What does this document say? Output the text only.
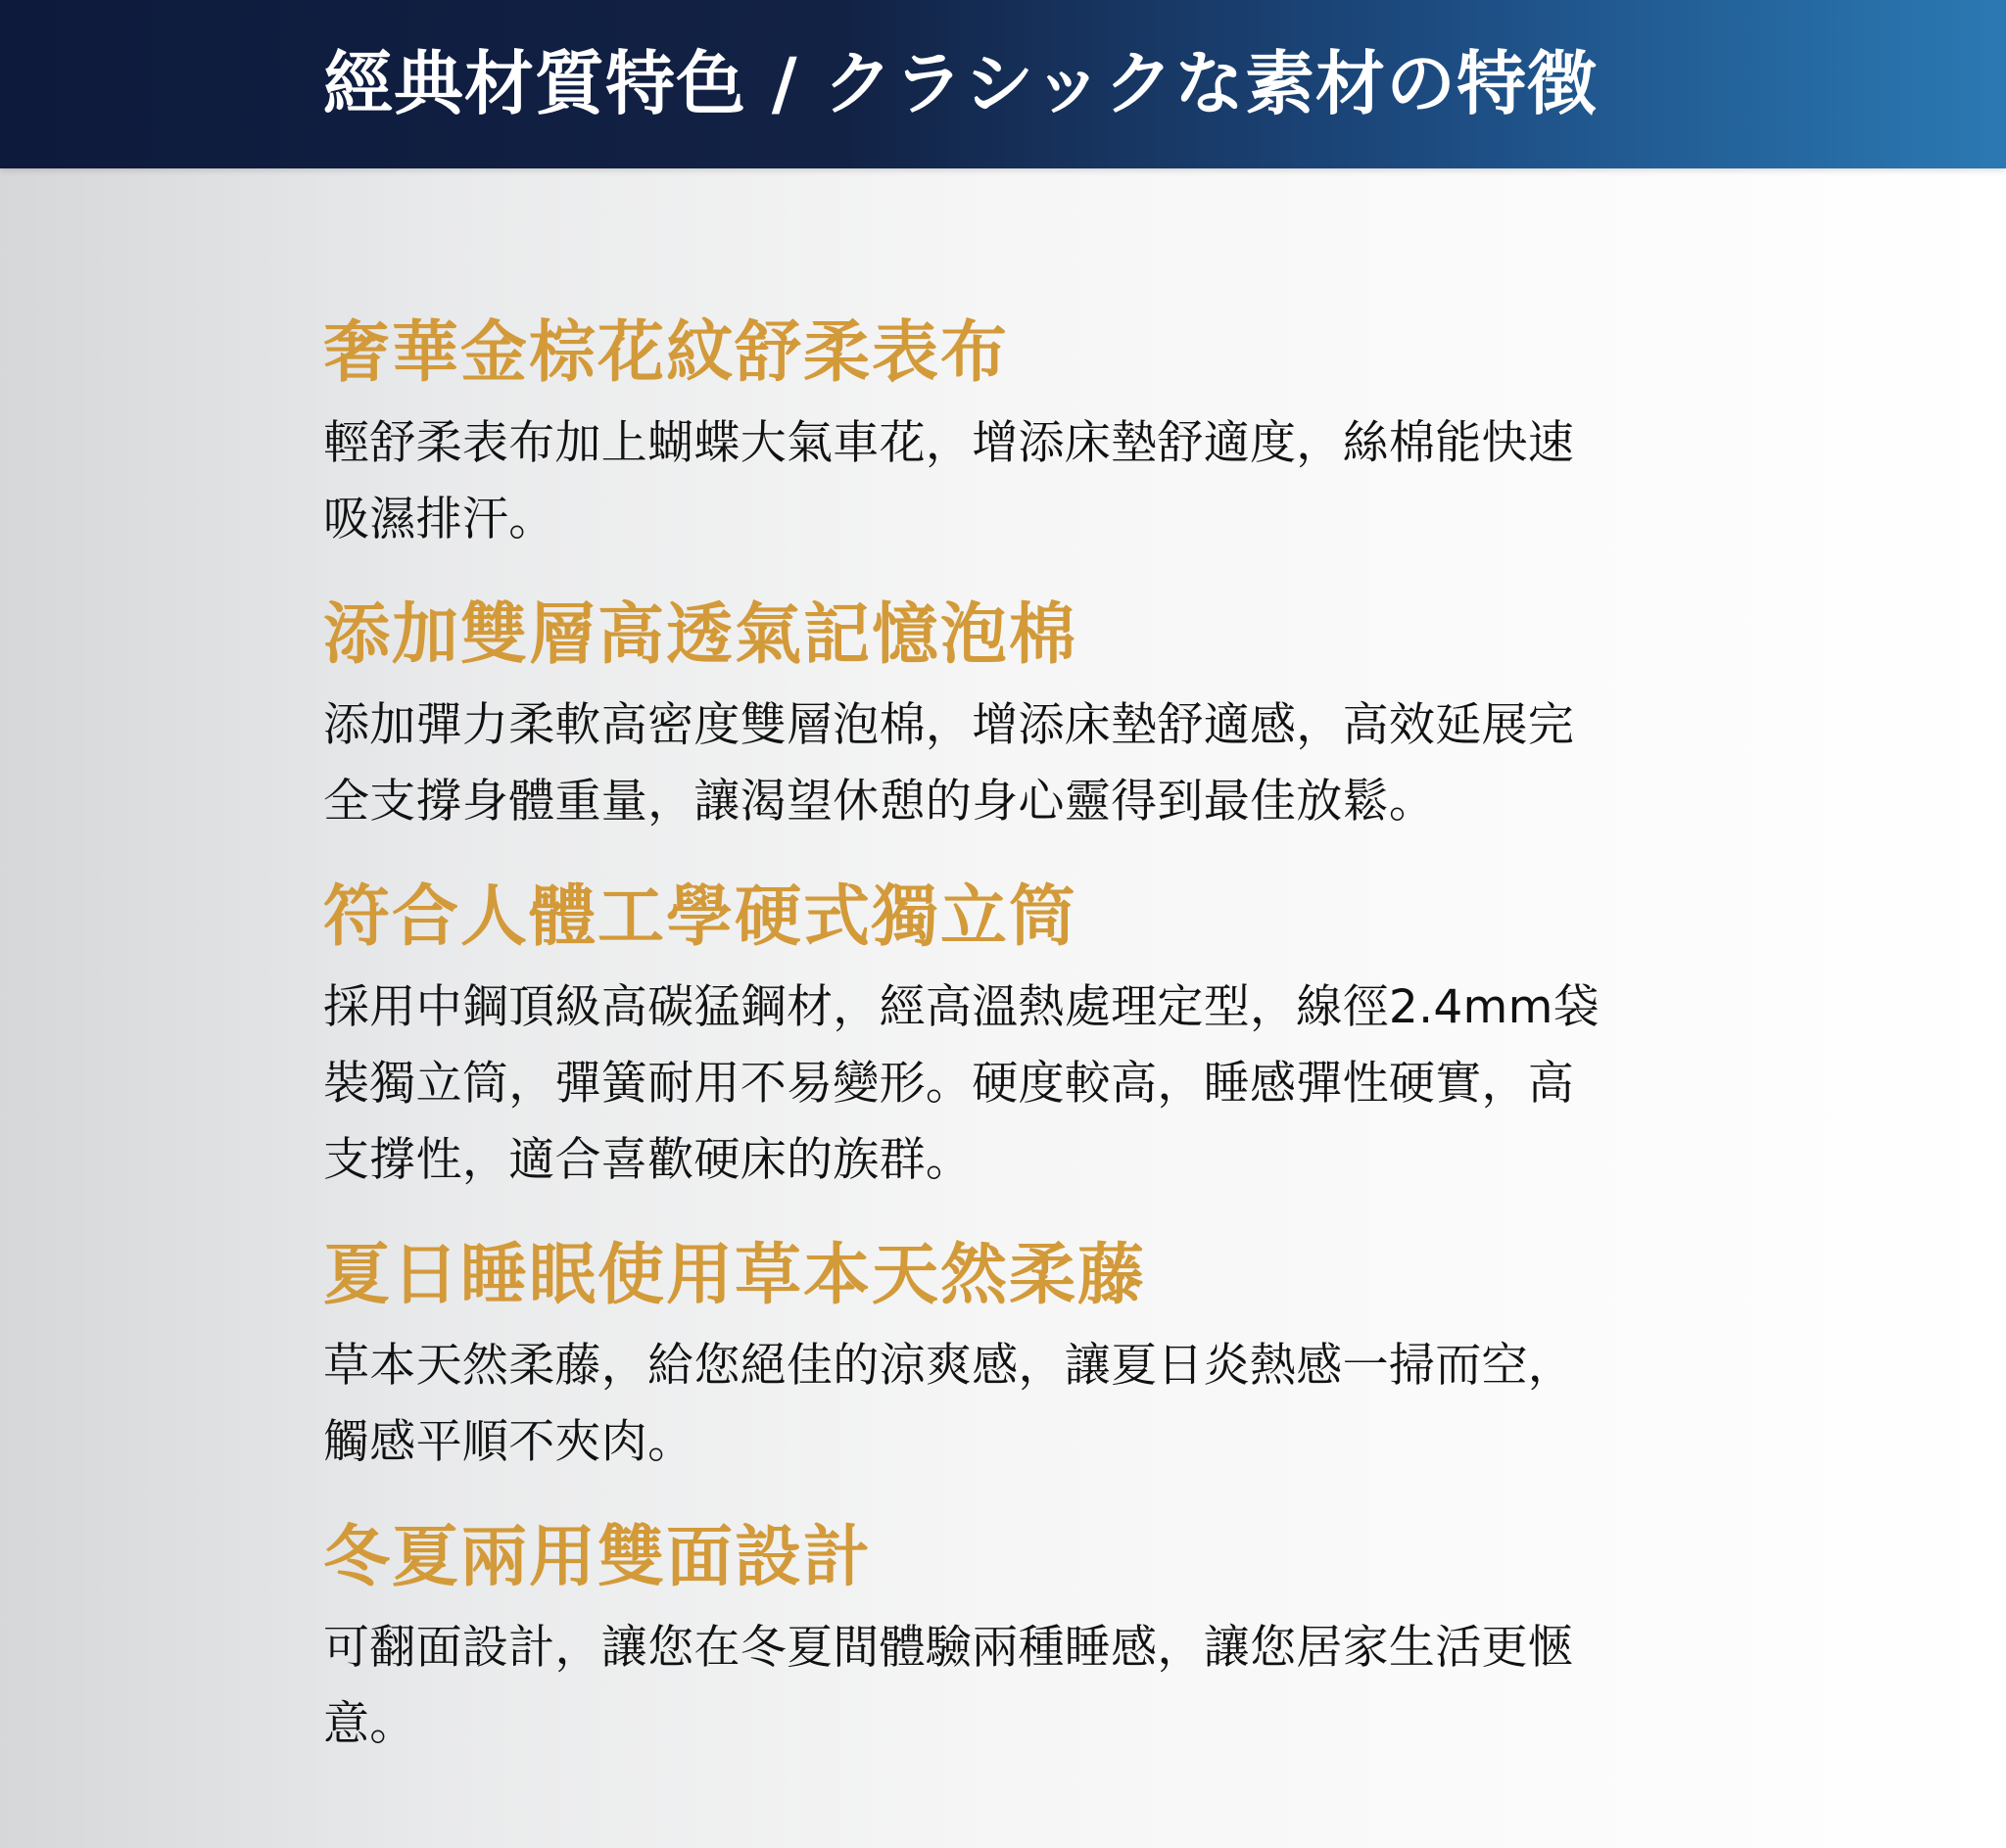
經典材質特色 / クラシックな素材の特徴
奢華金棕花紋舒柔表布

輕舒柔表布加上蝴蝶大氣車花，增添床墊舒適度，絲棉能快速
吸濕排汗。

添加雙層高透氣記憶泡棉

添加彈力柔軟高密度雙層泡棉，增添床墊舒適感，高效延展完
全支撐身體重量，讓渴望休憩的身心靈得到最佳放鬆。

符合人體工學硬式獨立筒

採用中鋼頂級高碳猛鋼材，經高溫熱處理定型，線徑2.4mm袋
裝獨立筒，彈簧耐用不易變形。硬度較高，睡感彈性硬實，高
支撐性，適合喜歡硬床的族群。

夏日睡眠使用草本天然柔藤

草本天然柔藤，給您絕佳的涼爽感，讓夏日炎熱感一掃而空，
觸感平順不夾肉。

冬夏兩用雙面設計

可翻面設計，讓您在冬夏間體驗兩種睡感，讓您居家生活更愜
意。
